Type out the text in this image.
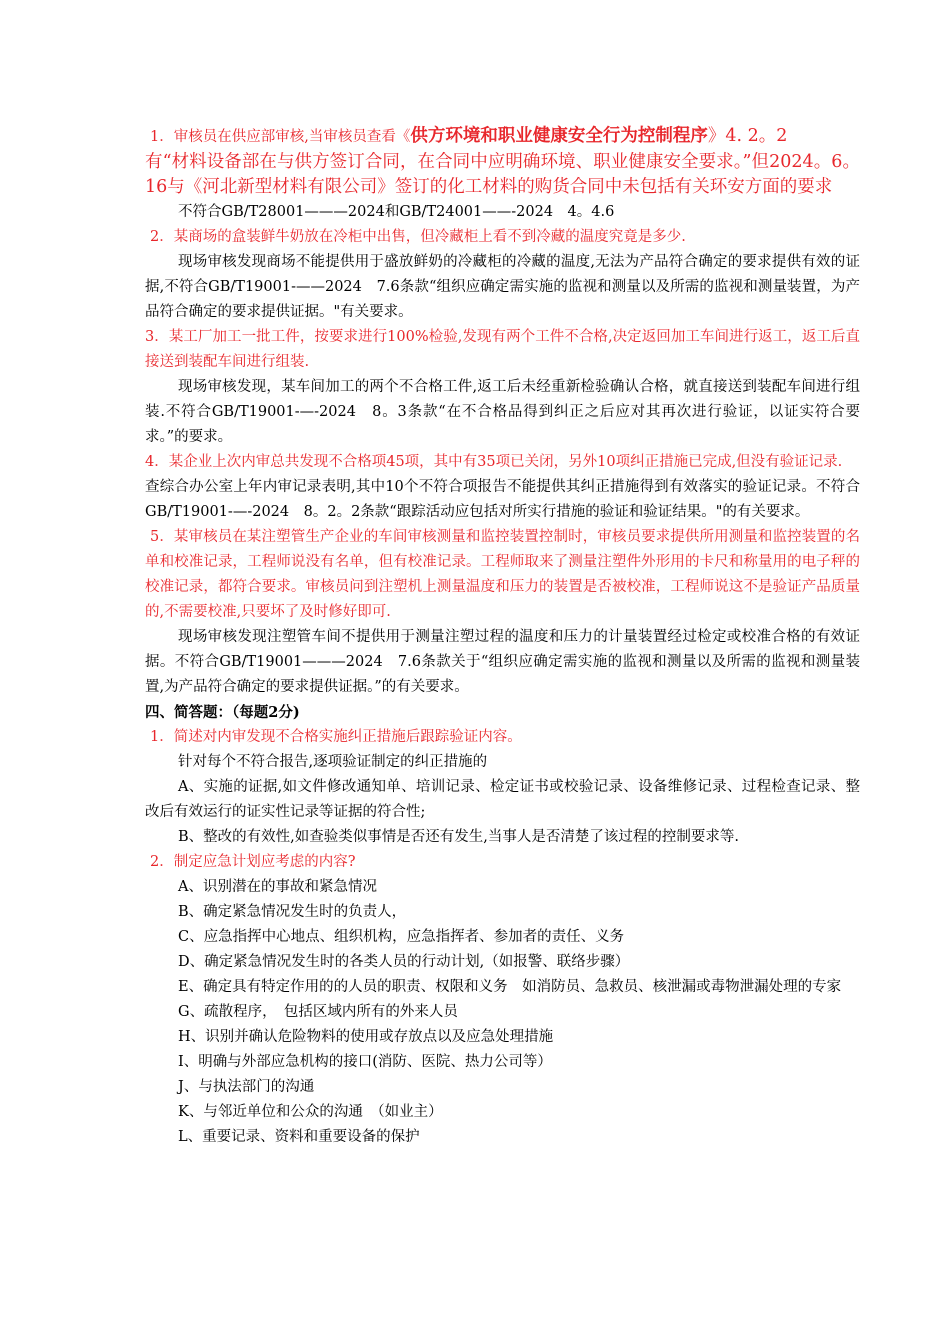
1．审核员在供应部审核,当审核员查看《供方环境和职业健康安全行为控制程序》4. 2。2

有“材料设备部在与供方签订合同，在合同中应明确环境、职业健康安全要求。”但2024。6。16与《河北新型材料有限公司》签订的化工材料的购货合同中未包括有关环安方面的要求

不符合GB/T28001———2024和GB/T24001——-2024　4。4.6

2．某商场的盒装鲜牛奶放在冷柜中出售，但冷藏柜上看不到冷藏的温度究竟是多少.

现场审核发现商场不能提供用于盛放鲜奶的冷藏柜的冷藏的温度,无法为产品符合确定的要求提供有效的证据,不符合GB/T19001-——2024　7.6条款“组织应确定需实施的监视和测量以及所需的监视和测量装置，为产品符合确定的要求提供证据。"有关要求。

3．某工厂加工一批工件，按要求进行100%检验,发现有两个工件不合格,决定返回加工车间进行返工，返工后直接送到装配车间进行组装.

现场审核发现，某车间加工的两个不合格工件,返工后未经重新检验确认合格，就直接送到装配车间进行组装.不符合GB/T19001-—-2024　8。3条款“在不合格品得到纠正之后应对其再次进行验证，以证实符合要求。”的要求。

4．某企业上次内审总共发现不合格项45项，其中有35项已关闭，另外10项纠正措施已完成,但没有验证记录.

查综合办公室上年内审记录表明,其中10个不符合项报告不能提供其纠正措施得到有效落实的验证记录。不符合GB/T19001-—-2024　8。2。2条款“跟踪活动应包括对所实行措施的验证和验证结果。"的有关要求。

5．某审核员在某注塑管生产企业的车间审核测量和监控装置控制时，审核员要求提供所用测量和监控装置的名单和校准记录，工程师说没有名单，但有校准记录。工程师取来了测量注塑件外形用的卡尺和称量用的电子秤的校准记录，都符合要求。审核员问到注塑机上测量温度和压力的装置是否被校准，工程师说这不是验证产品质量的,不需要校准,只要坏了及时修好即可.

现场审核发现注塑管车间不提供用于测量注塑过程的温度和压力的计量装置经过检定或校准合格的有效证据。不符合GB/T19001———2024　7.6条款关于“组织应确定需实施的监视和测量以及所需的监视和测量装置,为产品符合确定的要求提供证据。”的有关要求。

四、简答题：（每题2分)

1．简述对内审发现不合格实施纠正措施后跟踪验证内容。

针对每个不符合报告,逐项验证制定的纠正措施的

A、实施的证据,如文件修改通知单、培训记录、检定证书或校验记录、设备维修记录、过程检查记录、整改后有效运行的证实性记录等证据的符合性;

B、整改的有效性,如查验类似事情是否还有发生,当事人是否清楚了该过程的控制要求等.

2．制定应急计划应考虑的内容?

A、识别潜在的事故和紧急情况

B、确定紧急情况发生时的负责人，

C、应急指挥中心地点、组织机构，应急指挥者、参加者的责任、义务

D、确定紧急情况发生时的各类人员的行动计划,（如报警、联络步骤）

E、确定具有特定作用的的人员的职责、权限和义务　如消防员、急救员、核泄漏或毒物泄漏处理的专家

G、疏散程序，　包括区域内所有的外来人员

H、识别并确认危险物料的使用或存放点以及应急处理措施

I、明确与外部应急机构的接口(消防、医院、热力公司等）

J、与执法部门的沟通

K、与邻近单位和公众的沟通　（如业主）

L、重要记录、资料和重要设备的保护
